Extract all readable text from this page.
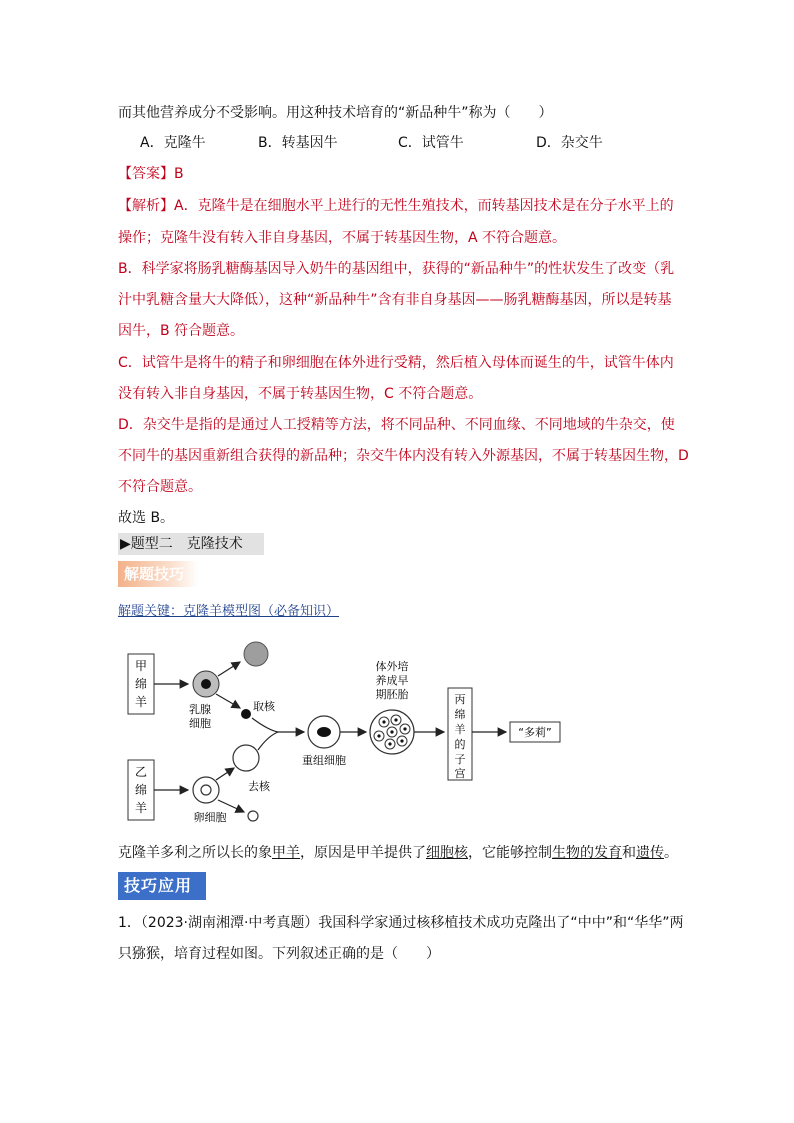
而其他营养成分不受影响。用这种技术培育的“新品种牛”称为（　　）
A．克隆牛	B．转基因牛	C．试管牛	D．杂交牛
【答案】B
【解析】A．克隆牛是在细胞水平上进行的无性生殖技术，而转基因技术是在分子水平上的
操作；克隆牛没有转入非自身基因，不属于转基因生物，A 不符合题意。
B．科学家将肠乳糖酶基因导入奶牛的基因组中，获得的“新品种牛”的性状发生了改变（乳
汁中乳糖含量大大降低），这种“新品种牛”含有非自身基因——肠乳糖酶基因，所以是转基
因牛，B 符合题意。
C．试管牛是将牛的精子和卵细胞在体外进行受精，然后植入母体而诞生的牛，试管牛体内
没有转入非自身基因，不属于转基因生物，C 不符合题意。
D．杂交牛是指的是通过人工授精等方法，将不同品种、不同血缘、不同地域的牛杂交，使
不同牛的基因重新组合获得的新品种；杂交牛体内没有转入外源基因，不属于转基因生物，D
不符合题意。
故选 B。
▶题型二　克隆技术
解题技巧
解题关键：克隆羊模型图（必备知识）
甲
绵
羊
乳腺
细胞
取核
乙
绵
羊
卵细胞
去核
重组细胞
体外培
养成早
期胚胎	丙
绵
羊
的
子
宫
“多莉”
克隆羊多利之所以长的象甲羊，原因是甲羊提供了细胞核，它能够控制生物的发育和遗传。
技巧应用
1．（2023·湖南湘潭·中考真题）我国科学家通过核移植技术成功克隆出了“中中”和“华华”两
只猕猴，培育过程如图。下列叙述正确的是（　　）
